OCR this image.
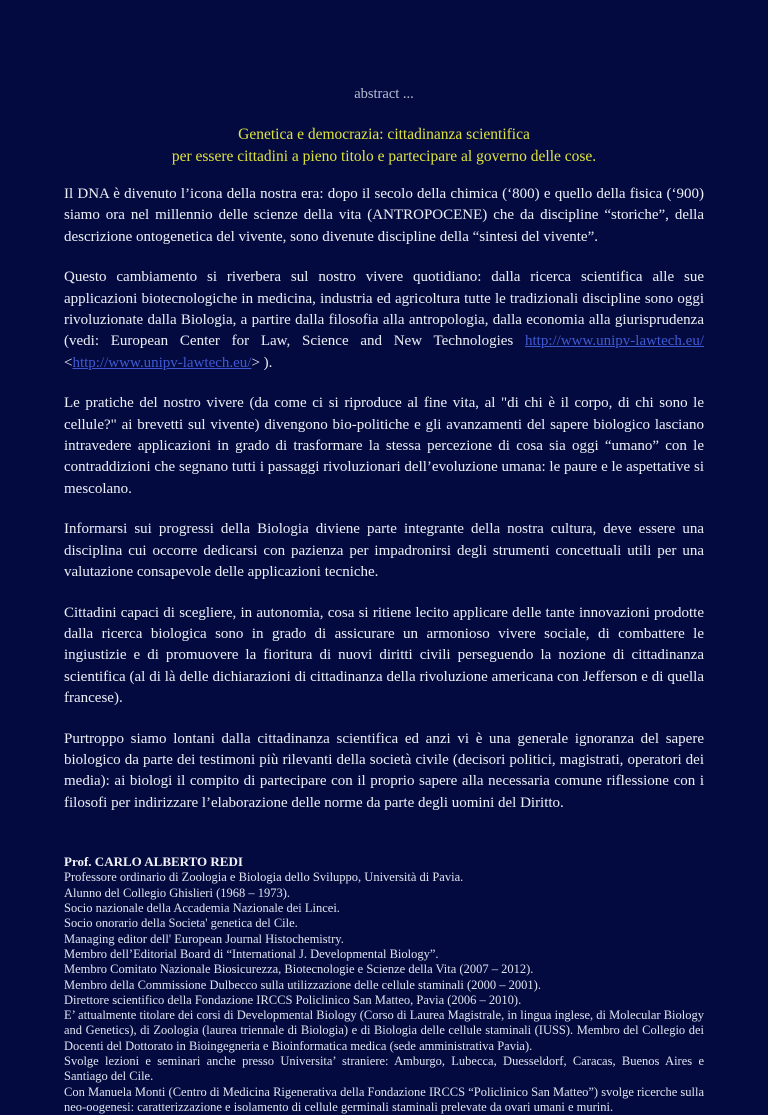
abstract ...
Genetica e democrazia: cittadinanza scientifica
per essere cittadini a pieno titolo e partecipare al governo delle cose.

Il DNA è divenuto l’icona della nostra era: dopo il secolo della chimica (‘800) e quello della fisica (‘900) siamo ora nel millennio delle scienze della vita (ANTROPOCENE) che da discipline “storiche”, della descrizione ontogenetica del vivente, sono divenute discipline della “sintesi del vivente”.

Questo cambiamento si riverbera sul nostro vivere quotidiano: dalla ricerca scientifica alle sue applicazioni biotecnologiche in medicina, industria ed agricoltura tutte le tradizionali discipline sono oggi rivoluzionate dalla Biologia, a partire dalla filosofia alla antropologia, dalla economia alla giurisprudenza (vedi: European Center for Law, Science and New Technologies http://www.unipv-lawtech.eu/ <http://www.unipv-lawtech.eu/> ).

Le pratiche del nostro vivere (da come ci si riproduce al fine vita, al "di chi è il corpo, di chi sono le cellule?" ai brevetti sul vivente) divengono bio-politiche e gli avanzamenti del sapere biologico lasciano intravedere applicazioni in grado di trasformare la stessa percezione di cosa sia oggi “umano” con le contraddizioni che segnano tutti i passaggi rivoluzionari dell’evoluzione umana: le paure e le aspettative si mescolano.

Informarsi sui progressi della Biologia diviene parte integrante della nostra cultura, deve essere una disciplina cui occorre dedicarsi con pazienza per impadronirsi degli strumenti concettuali utili per una valutazione consapevole delle applicazioni tecniche.

Cittadini capaci di scegliere, in autonomia, cosa si ritiene lecito applicare delle tante innovazioni prodotte dalla ricerca biologica sono in grado di assicurare un armonioso vivere sociale, di combattere le ingiustizie e di promuovere la fioritura di nuovi diritti civili perseguendo la nozione di cittadinanza scientifica (al di là delle dichiarazioni di cittadinanza della rivoluzione americana con Jefferson e di quella francese).

Purtroppo siamo lontani dalla cittadinanza scientifica ed anzi vi è una generale ignoranza del sapere biologico da parte dei testimoni più rilevanti della società civile (decisori politici, magistrati, operatori dei media): ai biologi il compito di partecipare con il proprio sapere alla necessaria comune riflessione con i filosofi per indirizzare l’elaborazione delle norme da parte degli uomini del Diritto.

Prof. CARLO ALBERTO REDI
Professore ordinario di Zoologia e Biologia dello Sviluppo, Università di Pavia.
Alunno del Collegio Ghislieri (1968 – 1973).
Socio nazionale della Accademia Nazionale dei Lincei.
Socio onorario della Societa' genetica del Cile.
Managing editor dell' European Journal Histochemistry.
Membro dell’Editorial Board di “International J. Developmental Biology”.
Membro Comitato Nazionale Biosicurezza, Biotecnologie e Scienze della Vita (2007 – 2012).
Membro della Commissione Dulbecco sulla utilizzazione delle cellule staminali (2000 – 2001).
Direttore scientifico della Fondazione IRCCS Policlinico San Matteo, Pavia (2006 – 2010).
E’ attualmente titolare dei corsi di Developmental Biology (Corso di Laurea Magistrale, in lingua inglese, di Molecular Biology and Genetics), di Zoologia (laurea triennale di Biologia) e di Biologia delle cellule staminali (IUSS). Membro del Collegio dei Docenti del Dottorato in Bioingegneria e Bioinformatica medica (sede amministrativa Pavia).
Svolge lezioni e seminari anche presso Universita’ straniere: Amburgo, Lubecca, Duesseldorf, Caracas, Buenos Aires e Santiago del Cile.
Con Manuela Monti (Centro di Medicina Rigenerativa della Fondazione IRCCS “Policlinico San Matteo”) svolge ricerche sulla neo-oogenesi: caratterizzazione e isolamento di cellule germinali staminali prelevate da ovari umani e murini.
